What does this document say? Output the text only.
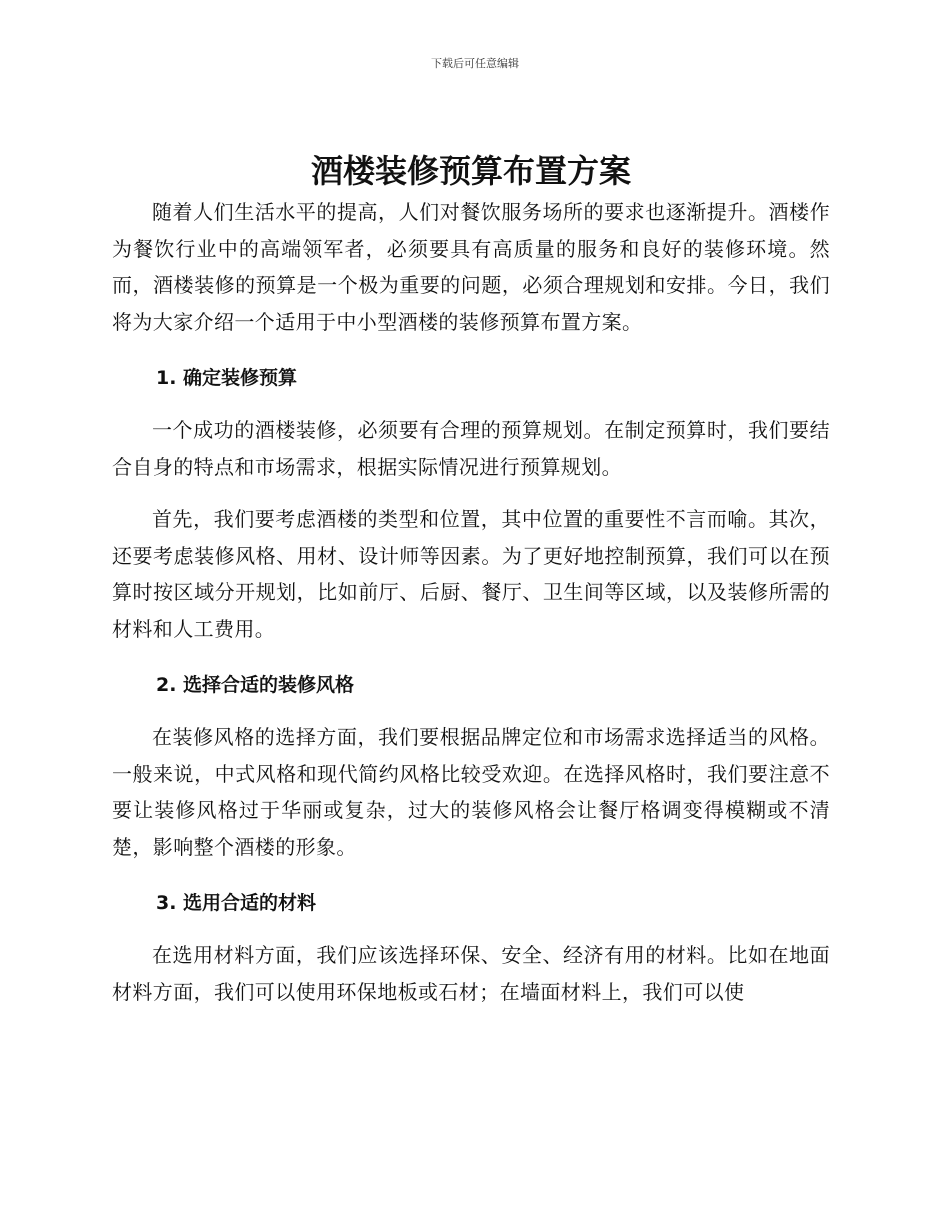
下载后可任意编辑
酒楼装修预算布置方案

随着人们生活水平的提高，人们对餐饮服务场所的要求也逐渐提升。酒楼作为餐饮行业中的高端领军者，必须要具有高质量的服务和良好的装修环境。然而，酒楼装修的预算是一个极为重要的问题，必须合理规划和安排。今日，我们将为大家介绍一个适用于中小型酒楼的装修预算布置方案。

1. 确定装修预算

一个成功的酒楼装修，必须要有合理的预算规划。在制定预算时，我们要结合自身的特点和市场需求，根据实际情况进行预算规划。

首先，我们要考虑酒楼的类型和位置，其中位置的重要性不言而喻。其次，还要考虑装修风格、用材、设计师等因素。为了更好地控制预算，我们可以在预算时按区域分开规划，比如前厅、后厨、餐厅、卫生间等区域，以及装修所需的材料和人工费用。

2. 选择合适的装修风格

在装修风格的选择方面，我们要根据品牌定位和市场需求选择适当的风格。一般来说，中式风格和现代简约风格比较受欢迎。在选择风格时，我们要注意不要让装修风格过于华丽或复杂，过大的装修风格会让餐厅格调变得模糊或不清楚，影响整个酒楼的形象。

3. 选用合适的材料

在选用材料方面，我们应该选择环保、安全、经济有用的材料。比如在地面材料方面，我们可以使用环保地板或石材；在墙面材料上，我们可以使
